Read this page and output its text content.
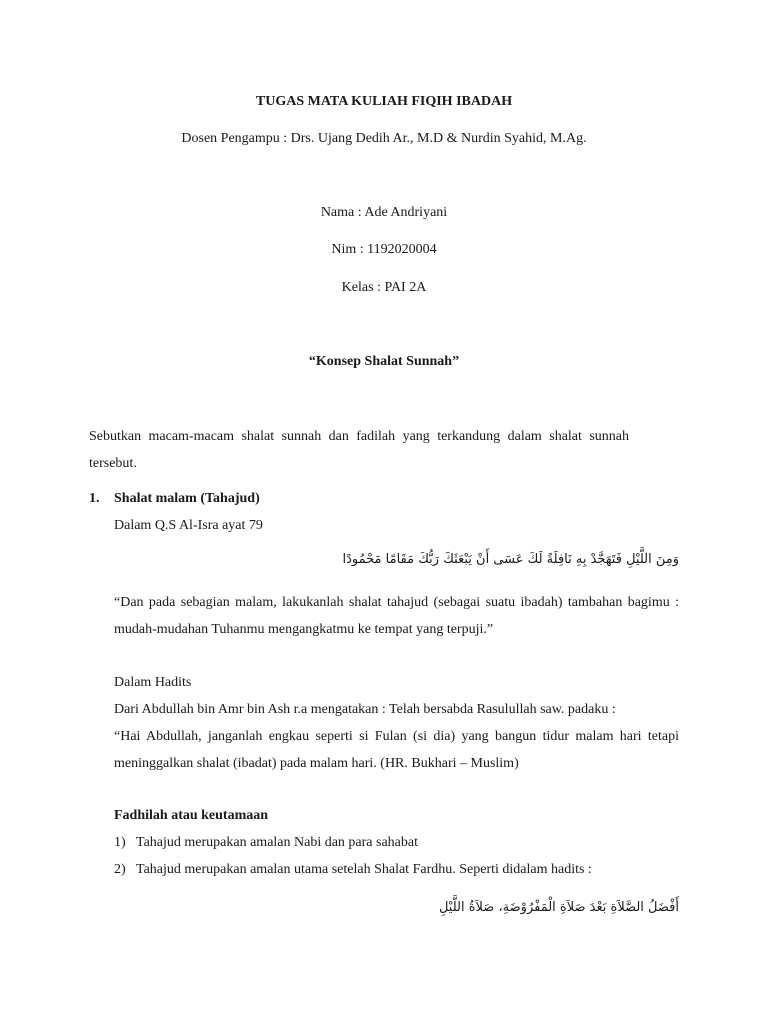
TUGAS MATA KULIAH FIQIH IBADAH
Dosen Pengampu : Drs. Ujang Dedih Ar., M.D & Nurdin Syahid, M.Ag.
Nama : Ade Andriyani
Nim : 1192020004
Kelas : PAI 2A
“Konsep Shalat Sunnah”
Sebutkan macam-macam shalat sunnah dan fadilah yang terkandung dalam shalat sunnah tersebut.
1. Shalat malam (Tahajud)
Dalam Q.S Al-Isra ayat 79
وَمِنَ اللَّيْلِ فَتَهَجَّدْ بِهِ نَافِلَةً لَكَ عَسَى أَنْ يَبْعَثَكَ رَبُّكَ مَقَامًا مَحْمُودًا
“Dan pada sebagian malam, lakukanlah shalat tahajud (sebagai suatu ibadah) tambahan bagimu : mudah-mudahan Tuhanmu mengangkatmu ke tempat yang terpuji.”
Dalam Hadits
Dari Abdullah bin Amr bin Ash r.a mengatakan : Telah bersabda Rasulullah saw. padaku :
“Hai Abdullah, janganlah engkau seperti si Fulan (si dia) yang bangun tidur malam hari tetapi meninggalkan shalat (ibadat) pada malam hari. (HR. Bukhari – Muslim)
Fadhilah atau keutamaan
1) Tahajud merupakan amalan Nabi dan para sahabat
2) Tahajud merupakan amalan utama setelah Shalat Fardhu. Seperti didalam hadits :
أَفْضَلُ الصَّلاَةِ بَعْدَ صَلاَةِ الْمَفْرُوْضَةِ، صَلاَةُ اللَّيْلِ
